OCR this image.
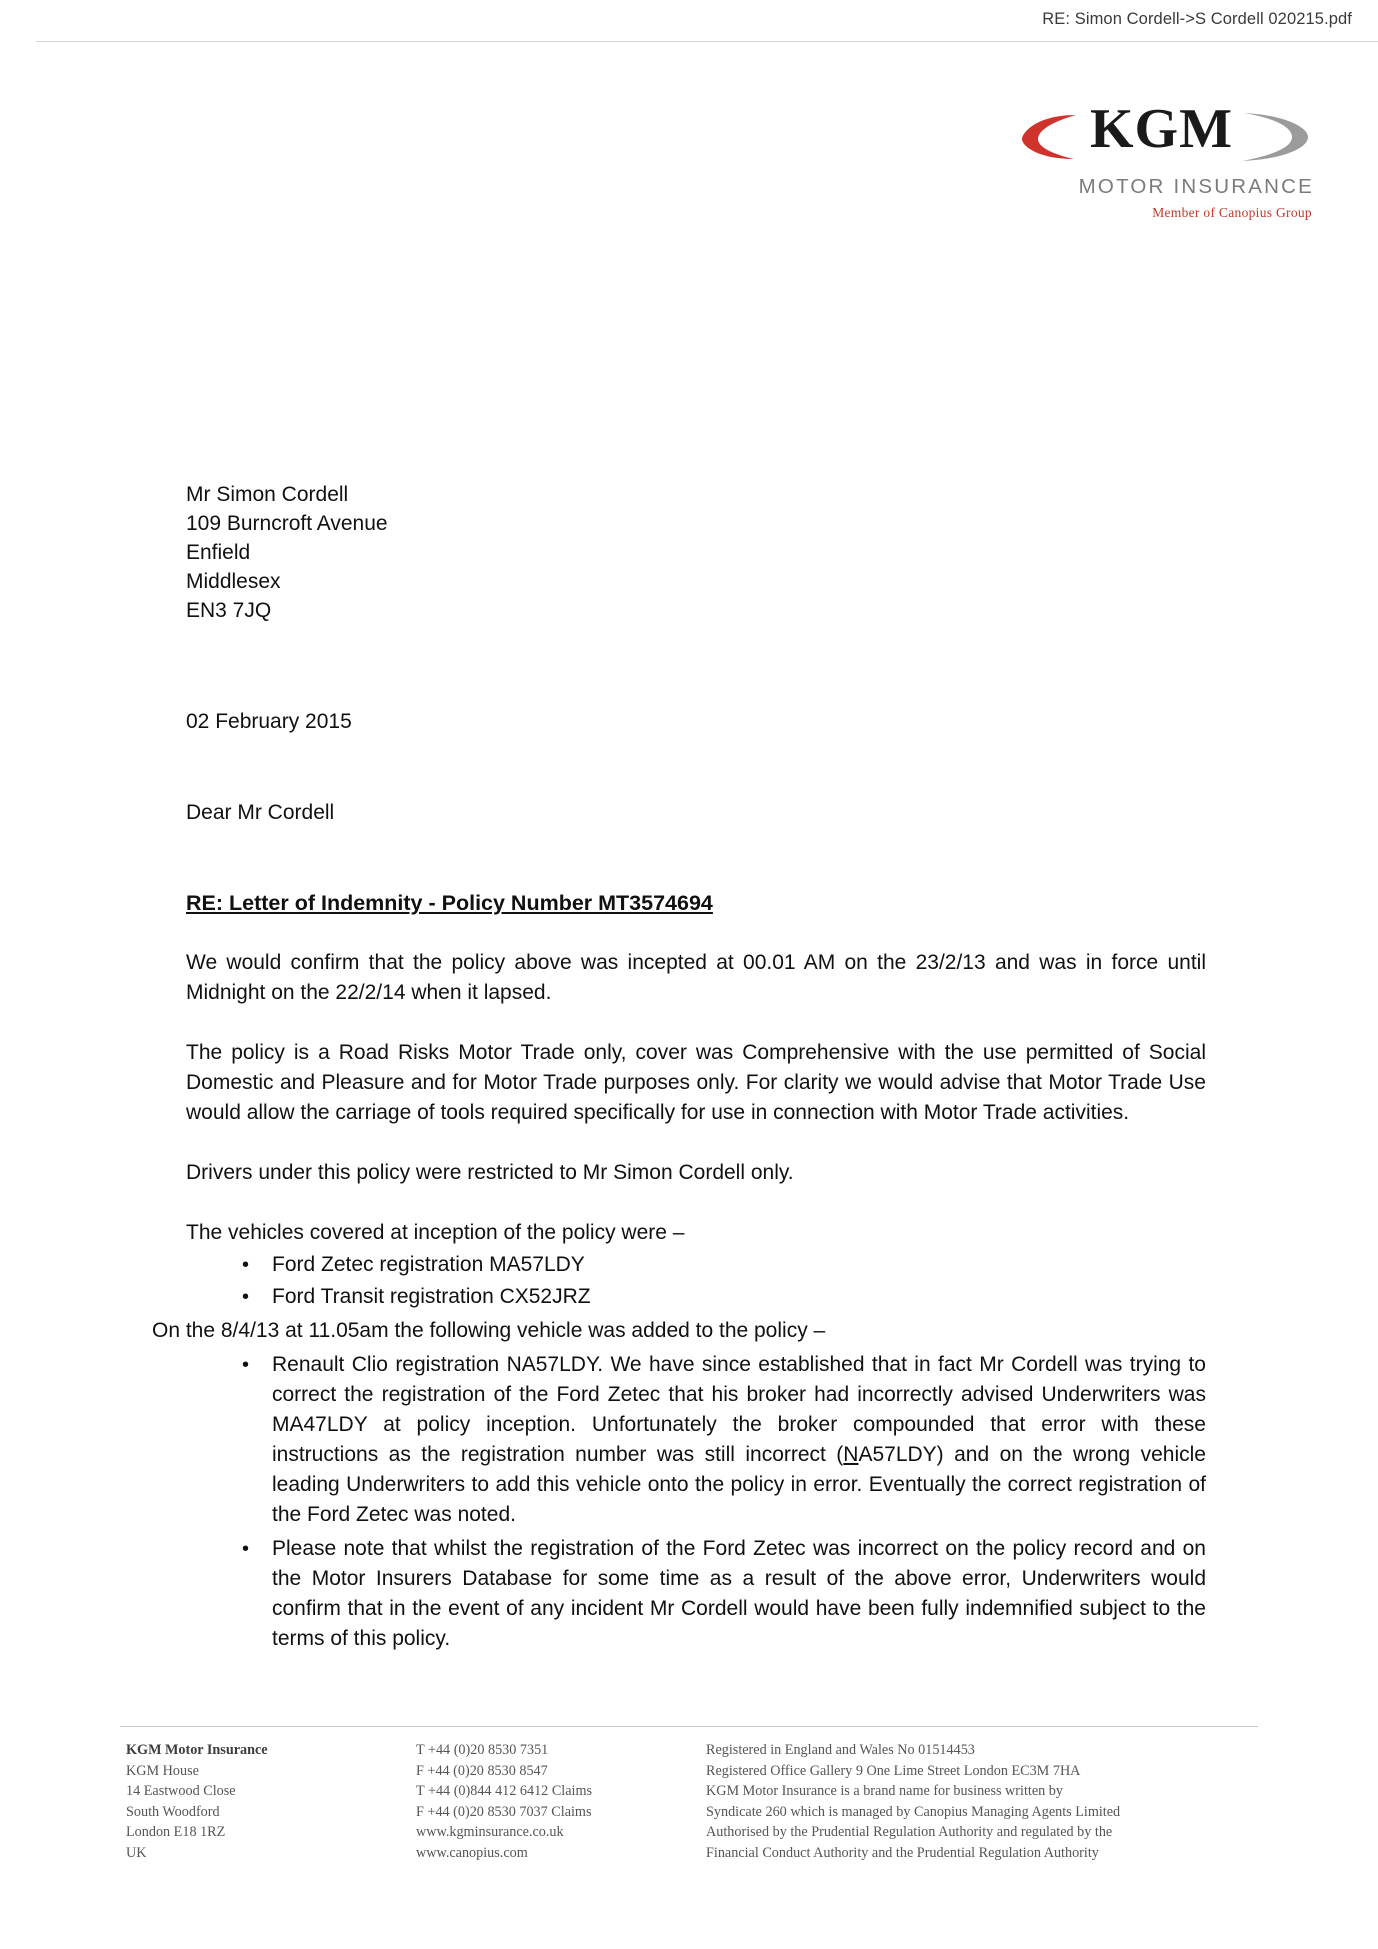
RE: Simon Cordell->S Cordell 020215.pdf
KGM
MOTOR INSURANCE
Member of Canopius Group
Mr Simon Cordell
109 Burncroft Avenue
Enfield
Middlesex
EN3 7JQ
02 February 2015
Dear Mr Cordell
RE: Letter of Indemnity - Policy Number MT3574694
We would confirm that the policy above was incepted at 00.01 AM on the 23/2/13 and was in force until Midnight on the 22/2/14 when it lapsed.
The policy is a Road Risks Motor Trade only, cover was Comprehensive with the use permitted of Social Domestic and Pleasure and for Motor Trade purposes only. For clarity we would advise that Motor Trade Use would allow the carriage of tools required specifically for use in connection with Motor Trade activities.
Drivers under this policy were restricted to Mr Simon Cordell only.
The vehicles covered at inception of the policy were –
• Ford Zetec registration MA57LDY
• Ford Transit registration CX52JRZ
On the 8/4/13 at 11.05am the following vehicle was added to the policy –
• Renault Clio registration NA57LDY. We have since established that in fact Mr Cordell was trying to correct the registration of the Ford Zetec that his broker had incorrectly advised Underwriters was MA47LDY at policy inception. Unfortunately the broker compounded that error with these instructions as the registration number was still incorrect (NA57LDY) and on the wrong vehicle leading Underwriters to add this vehicle onto the policy in error. Eventually the correct registration of the Ford Zetec was noted.
• Please note that whilst the registration of the Ford Zetec was incorrect on the policy record and on the Motor Insurers Database for some time as a result of the above error, Underwriters would confirm that in the event of any incident Mr Cordell would have been fully indemnified subject to the terms of this policy.
KGM Motor Insurance
KGM House
14 Eastwood Close
South Woodford
London E18 1RZ
UK
T +44 (0)20 8530 7351
F +44 (0)20 8530 8547
T +44 (0)844 412 6412 Claims
F +44 (0)20 8530 7037 Claims
www.kgminsurance.co.uk
www.canopius.com
Registered in England and Wales No 01514453
Registered Office Gallery 9 One Lime Street London EC3M 7HA
KGM Motor Insurance is a brand name for business written by
Syndicate 260 which is managed by Canopius Managing Agents Limited
Authorised by the Prudential Regulation Authority and regulated by the
Financial Conduct Authority and the Prudential Regulation Authority
